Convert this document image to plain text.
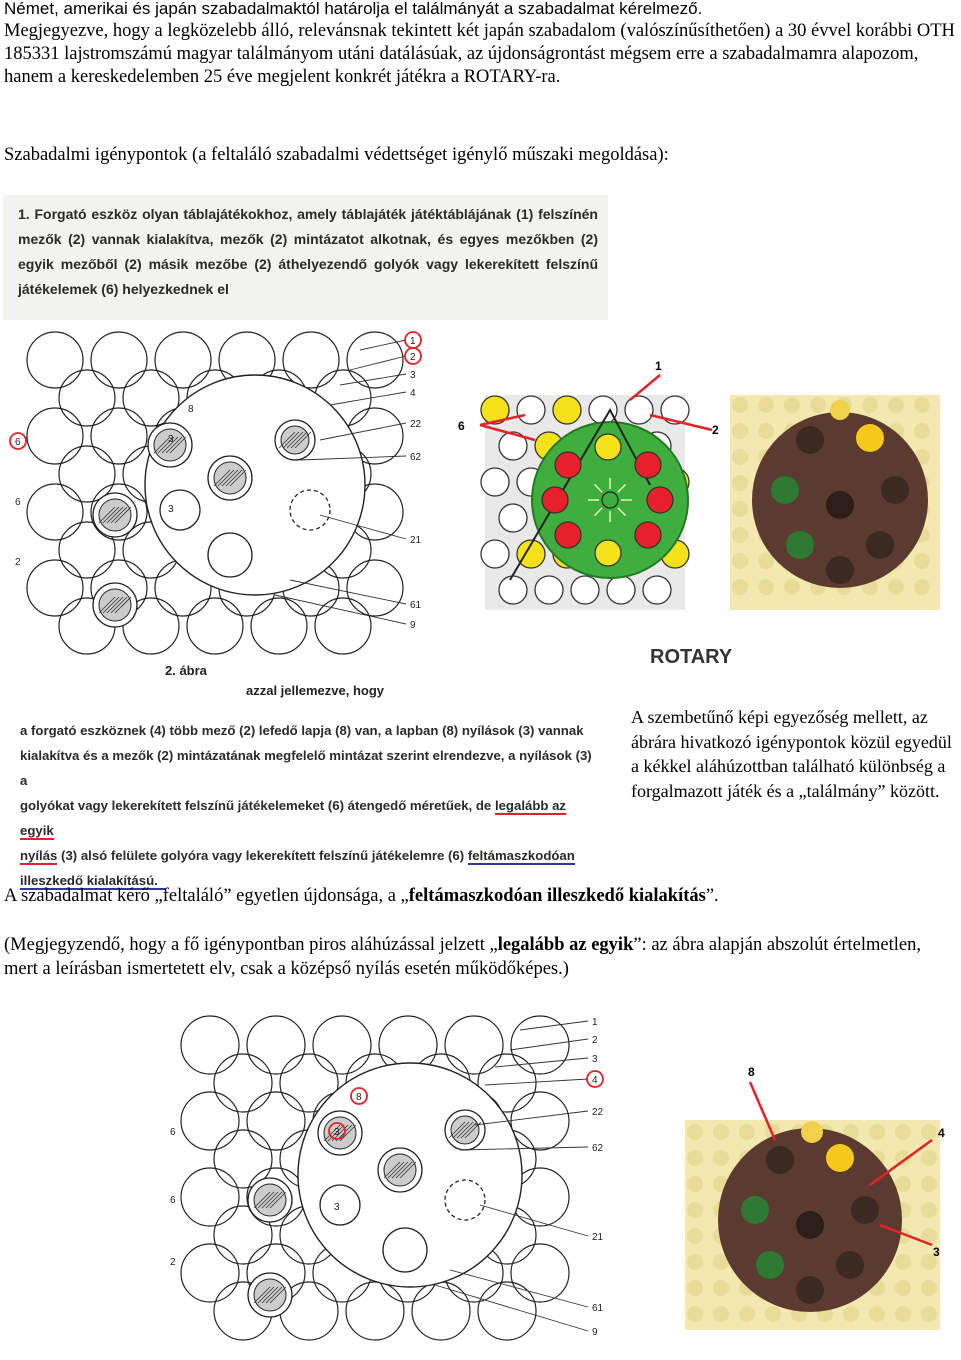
Német, amerikai és japán szabadalmaktól határolja el találmányát a szabadalmat kérelmező.
Megjegyezve, hogy a legközelebb álló, relevánsnak tekintett két japán szabadalom (valószínűsíthetően) a 30 évvel korábbi OTH 185331 lajstromszámú magyar találmányom utáni datálásúak, az újdonságrontást mégsem erre a szabadalmamra alapozom, hanem a kereskedelemben 25 éve megjelent konkrét játékra a ROTARY-ra.
Szabadalmi igénypontok (a feltaláló szabadalmi védettséget igénylő műszaki megoldása):
1. Forgató eszköz olyan táblajátékokhoz, amely táblajáték játéktáblájának (1) felszínén mezők (2) vannak kialakítva, mezők (2) mintázatot alkotnak, és egyes mezőkben (2) egyik mezőből (2) másik mezőbe (2) áthelyezendő golyók vagy lekerekített felszínű játékelemek (6) helyezkednek el
1
2
3
4
22
62
21
61
9
6
6
2
8
3
3
2. ábra
6
1
2
ROTARY
azzal jellemezve, hogy
a forgató eszköznek (4) több mező (2) lefedő lapja (8) van, a lapban (8) nyílások (3) vannak
kialakítva és a mezők (2) mintázatának megfelelő mintázat szerint elrendezve, a nyílások (3) a
golyókat vagy lekerekített felszínű játékelemeket (6) átengedő méretűek, de legalább az egyik
nyílás (3) alsó felülete golyóra vagy lekerekített felszínű játékelemre (6) feltámaszkodóan
illeszkedő kialakítású.
A szembetűnő képi egyezőség mellett, az ábrára hivatkozó igénypontok közül egyedül a kékkel aláhúzottban található különbség a forgalmazott játék és a „találmány” között.
A szabadalmat kérő „feltaláló” egyetlen újdonsága, a „feltámaszkodóan illeszkedő kialakítás”.
(Megjegyzendő, hogy a fő igénypontban piros aláhúzással jelzett „legalább az egyik”: az ábra alapján abszolút értelmetlen, mert a leírásban ismertetett elv, csak a középső nyílás esetén működőképes.)
1
2
3
4
22
62
21
61
9
6
6
2
8
3
3
8
4
3
